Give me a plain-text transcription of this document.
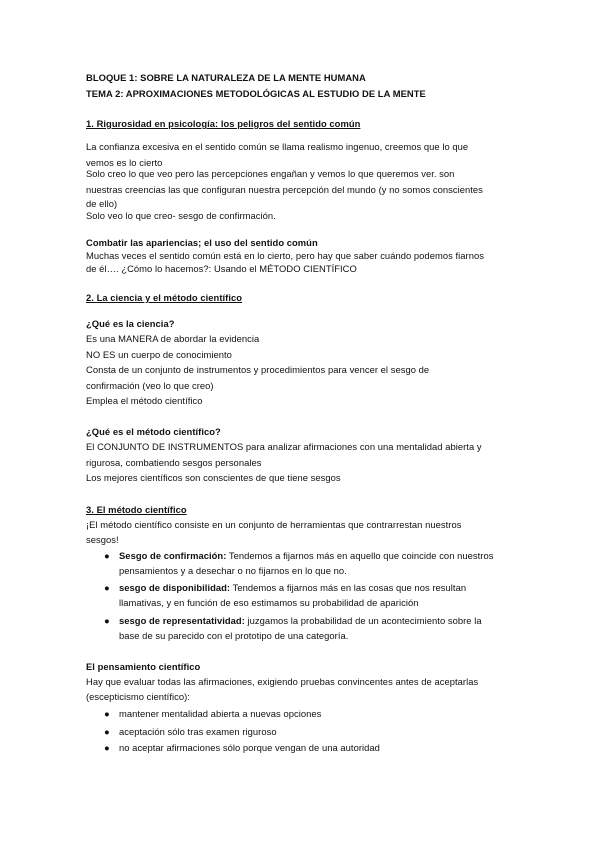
BLOQUE 1: SOBRE LA NATURALEZA DE LA MENTE HUMANA
TEMA 2: APROXIMACIONES METODOLÓGICAS AL ESTUDIO DE LA MENTE
1. Rigurosidad en psicología: los peligros del sentido común
La confianza excesiva en el sentido común se llama realismo ingenuo, creemos que lo que
vemos es lo cierto
Solo creo lo que veo pero las percepciones engañan y vemos lo que queremos ver. son
nuestras creencias las que configuran nuestra percepción del mundo (y no somos conscientes
de ello)
Solo veo lo que creo- sesgo de confirmación.
Combatir las apariencias; el uso del sentido común
Muchas veces el sentido común está en lo cierto, pero hay que saber cuándo podemos fiarnos
de él…. ¿Cómo lo hacemos?: Usando el MÉTODO CIENTÍFICO
2. La ciencia y el método científico
¿Qué es la ciencia?
Es una MANERA de abordar la evidencia
NO ES un cuerpo de conocimiento
Consta de un conjunto de instrumentos y procedimientos para vencer el sesgo de
confirmación (veo lo que creo)
Emplea el método científico
¿Qué es el método científico?
El CONJUNTO DE INSTRUMENTOS para analizar afirmaciones con una mentalidad abierta y
rigurosa, combatiendo sesgos personales
Los mejores científicos son conscientes de que tiene sesgos
3. El método científico
¡El método científico consiste en un conjunto de herramientas que contrarrestan nuestros
sesgos!
● Sesgo de confirmación: Tendemos a fijarnos más en aquello que coincide con nuestros
pensamientos y a desechar o no fijarnos en lo que no.
● sesgo de disponibilidad: Tendemos a fijarnos más en las cosas que nos resultan
llamativas, y en función de eso estimamos su probabilidad de aparición
● sesgo de representatividad: juzgamos la probabilidad de un acontecimiento sobre la
base de su parecido con el prototipo de una categoría.
El pensamiento científico
Hay que evaluar todas las afirmaciones, exigiendo pruebas convincentes antes de aceptarlas
(escepticismo científico):
● mantener mentalidad abierta a nuevas opciones
● aceptación sólo tras examen riguroso
● no aceptar afirmaciones sólo porque vengan de una autoridad
